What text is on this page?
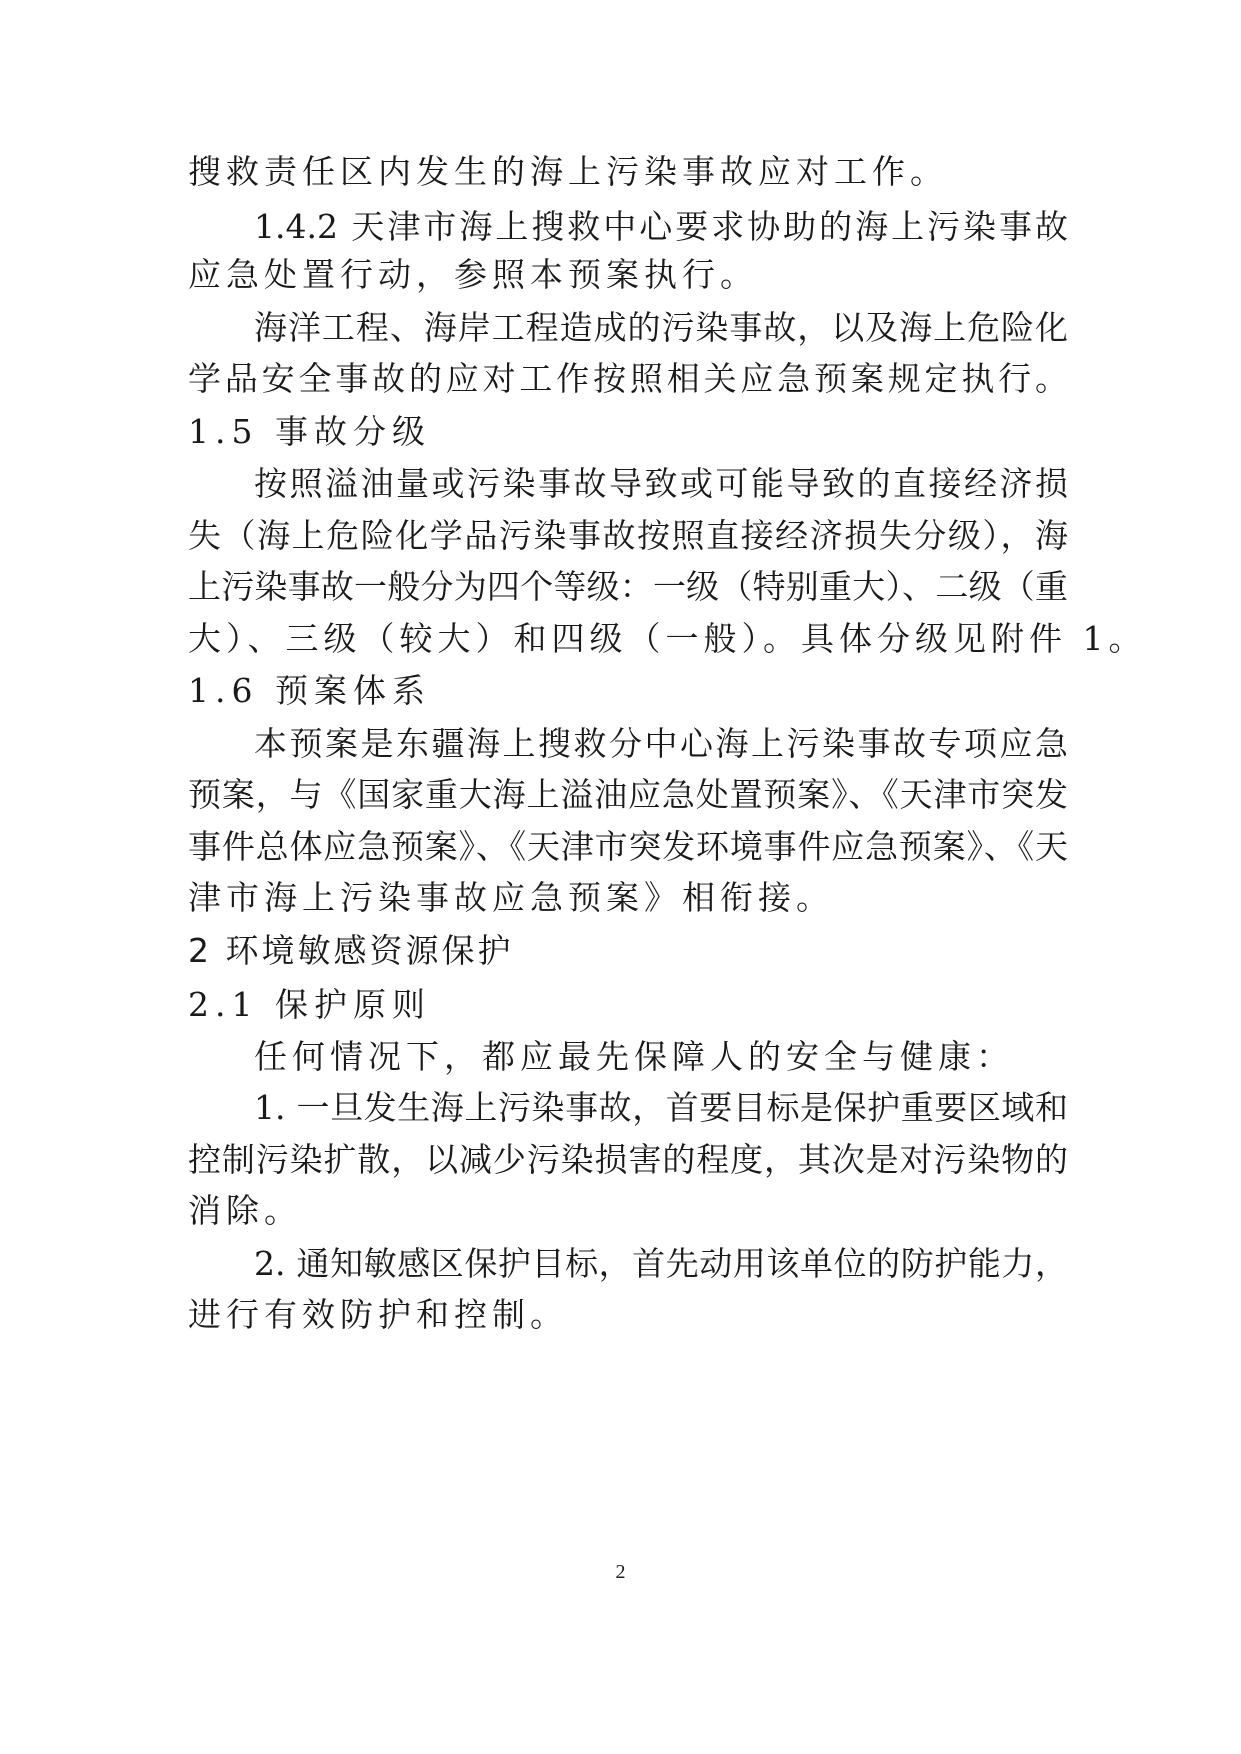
搜救责任区内发生的海上污染事故应对工作。
1.4.2 天津市海上搜救中心要求协助的海上污染事故
应急处置行动，参照本预案执行。
海洋工程、海岸工程造成的污染事故，以及海上危险化
学品安全事故的应对工作按照相关应急预案规定执行。
1.5 事故分级
按照溢油量或污染事故导致或可能导致的直接经济损
失（海上危险化学品污染事故按照直接经济损失分级），海
上污染事故一般分为四个等级：一级（特别重大）、二级（重
大）、三级（较大）和四级（一般）。具体分级见附件 1。
1.6 预案体系
本预案是东疆海上搜救分中心海上污染事故专项应急
预案，与《国家重大海上溢油应急处置预案》、《天津市突发
事件总体应急预案》、《天津市突发环境事件应急预案》、《天
津市海上污染事故应急预案》相衔接。
2 环境敏感资源保护
2.1 保护原则
任何情况下，都应最先保障人的安全与健康：
1. 一旦发生海上污染事故，首要目标是保护重要区域和
控制污染扩散，以减少污染损害的程度，其次是对污染物的
消除。
2. 通知敏感区保护目标，首先动用该单位的防护能力，
进行有效防护和控制。
2
